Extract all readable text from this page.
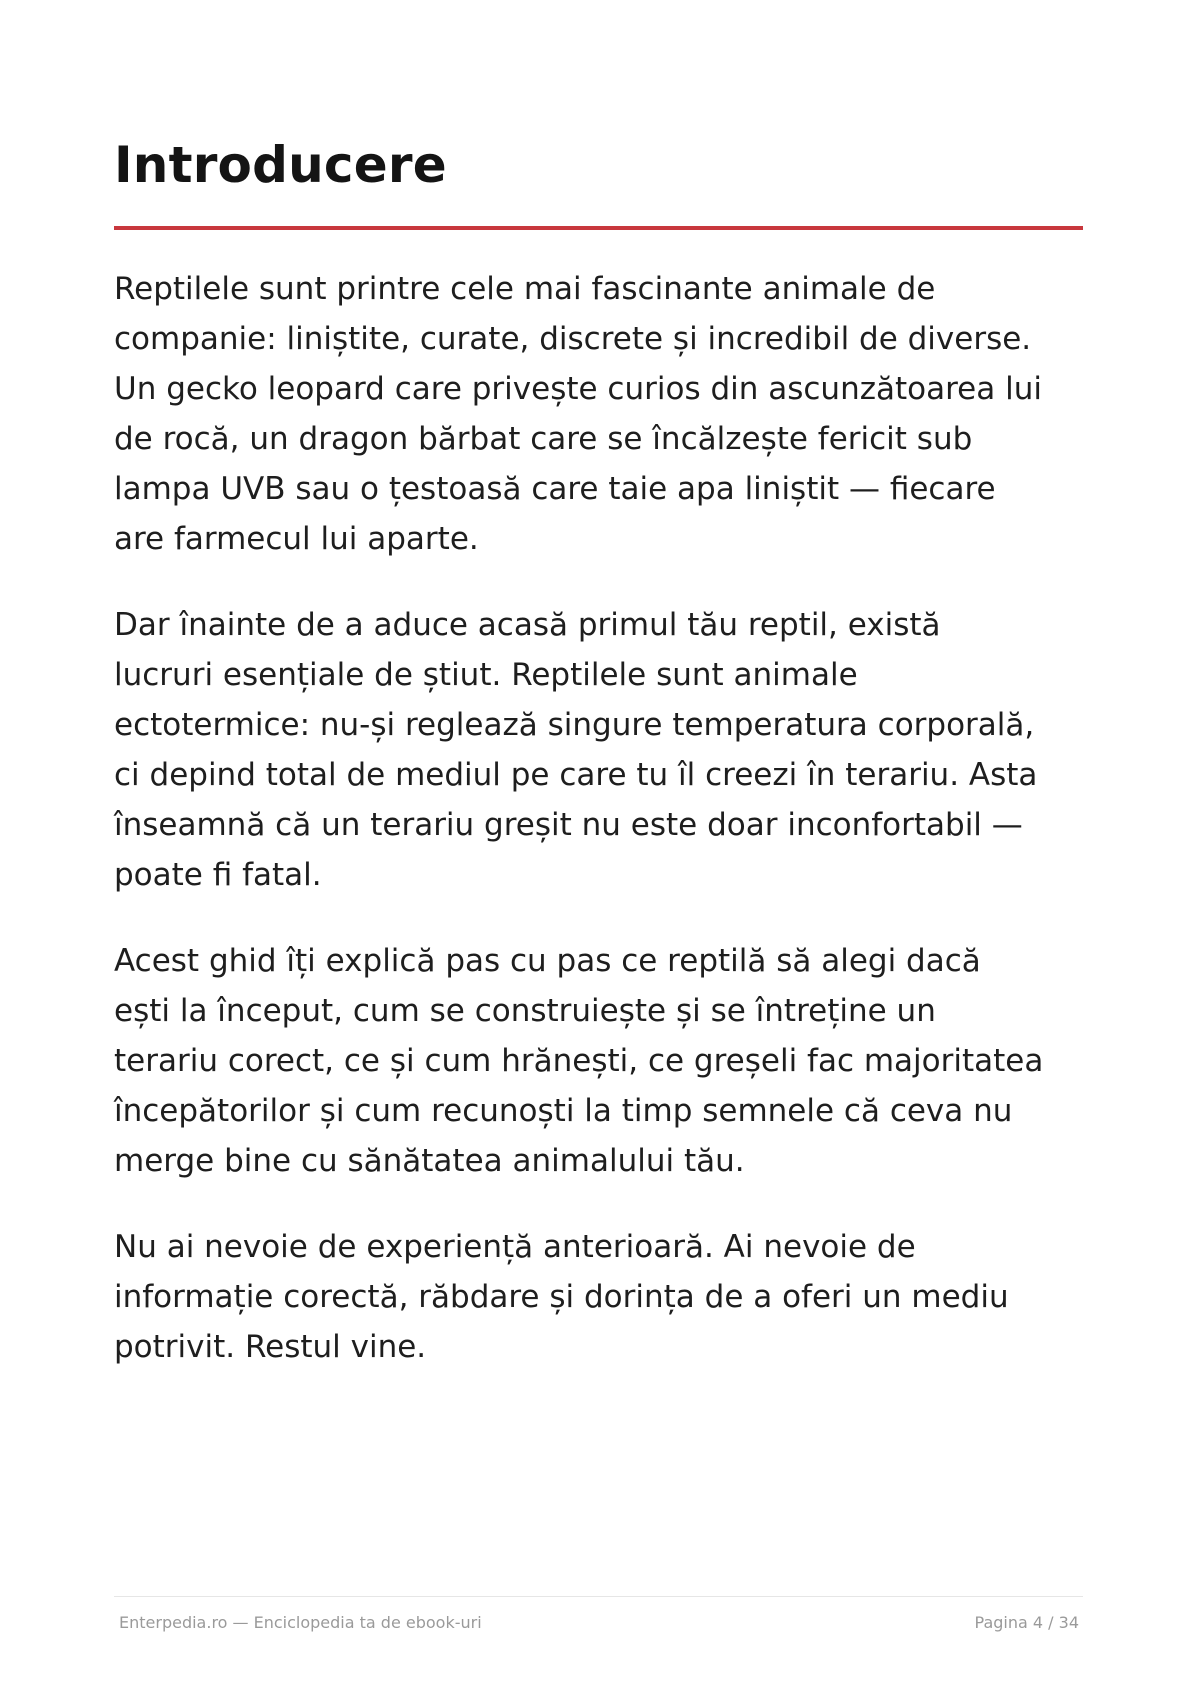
Introducere

Reptilele sunt printre cele mai fascinante animale de
companie: liniștite, curate, discrete și incredibil de diverse.
Un gecko leopard care privește curios din ascunzătoarea lui
de rocă, un dragon bărbat care se încălzește fericit sub
lampa UVB sau o țestoasă care taie apa liniștit — fiecare
are farmecul lui aparte.

Dar înainte de a aduce acasă primul tău reptil, există
lucruri esențiale de știut. Reptilele sunt animale
ectotermice: nu-și reglează singure temperatura corporală,
ci depind total de mediul pe care tu îl creezi în terariu. Asta
înseamnă că un terariu greșit nu este doar inconfortabil —
poate fi fatal.

Acest ghid îți explică pas cu pas ce reptilă să alegi dacă
ești la început, cum se construiește și se întreține un
terariu corect, ce și cum hrănești, ce greșeli fac majoritatea
începătorilor și cum recunoști la timp semnele că ceva nu
merge bine cu sănătatea animalului tău.

Nu ai nevoie de experiență anterioară. Ai nevoie de
informație corectă, răbdare și dorința de a oferi un mediu
potrivit. Restul vine.

Enterpedia.ro — Enciclopedia ta de ebook-uri	Pagina 4 / 34
